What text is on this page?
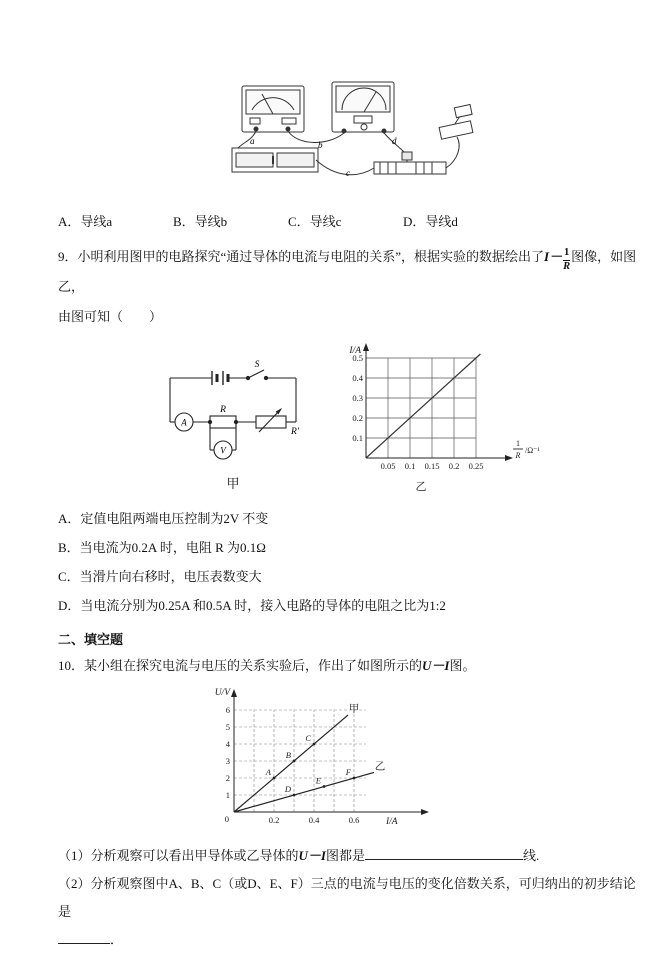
a	b
c
d
A．导线a	B．导线b	C．导线c	D．导线d

9．小明利用图甲的电路探究“通过导体的电流与电阻的关系”，根据实验的数据绘出了$I- \frac{1}{R}$ 图像，如图乙，
由图可知（　　）

A
V
R
R′
S
甲
0.1
0.2
0.3
0.4
0.5
0.05 0.1 0.15 0.2 0.25
I/A
1
R
/Ω⁻¹
乙
A．定值电阻两端电压控制为2V 不变
B．当电流为0.2A 时，电阻 R 为0.1Ω
C．当滑片向右移时，电压表数变大
D．当电流分别为0.25A 和0.5A 时，接入电路的导体的电阻之比为1:2
二、填空题

10．某小组在探究电流与电压的关系实验后，作出了如图所示的U－I图。

1
2
3
4
5
6
0.2	0.4	0.6
0
U/V
I/A
甲
A
B
C
乙
D
E
F

（1）分析观察可以看出甲导体或乙导体的U－I图都是	线.

（2）分析观察图中A、B、C（或D、E、F）三点的电流与电压的变化倍数关系，可归纳出的初步结论是

．
